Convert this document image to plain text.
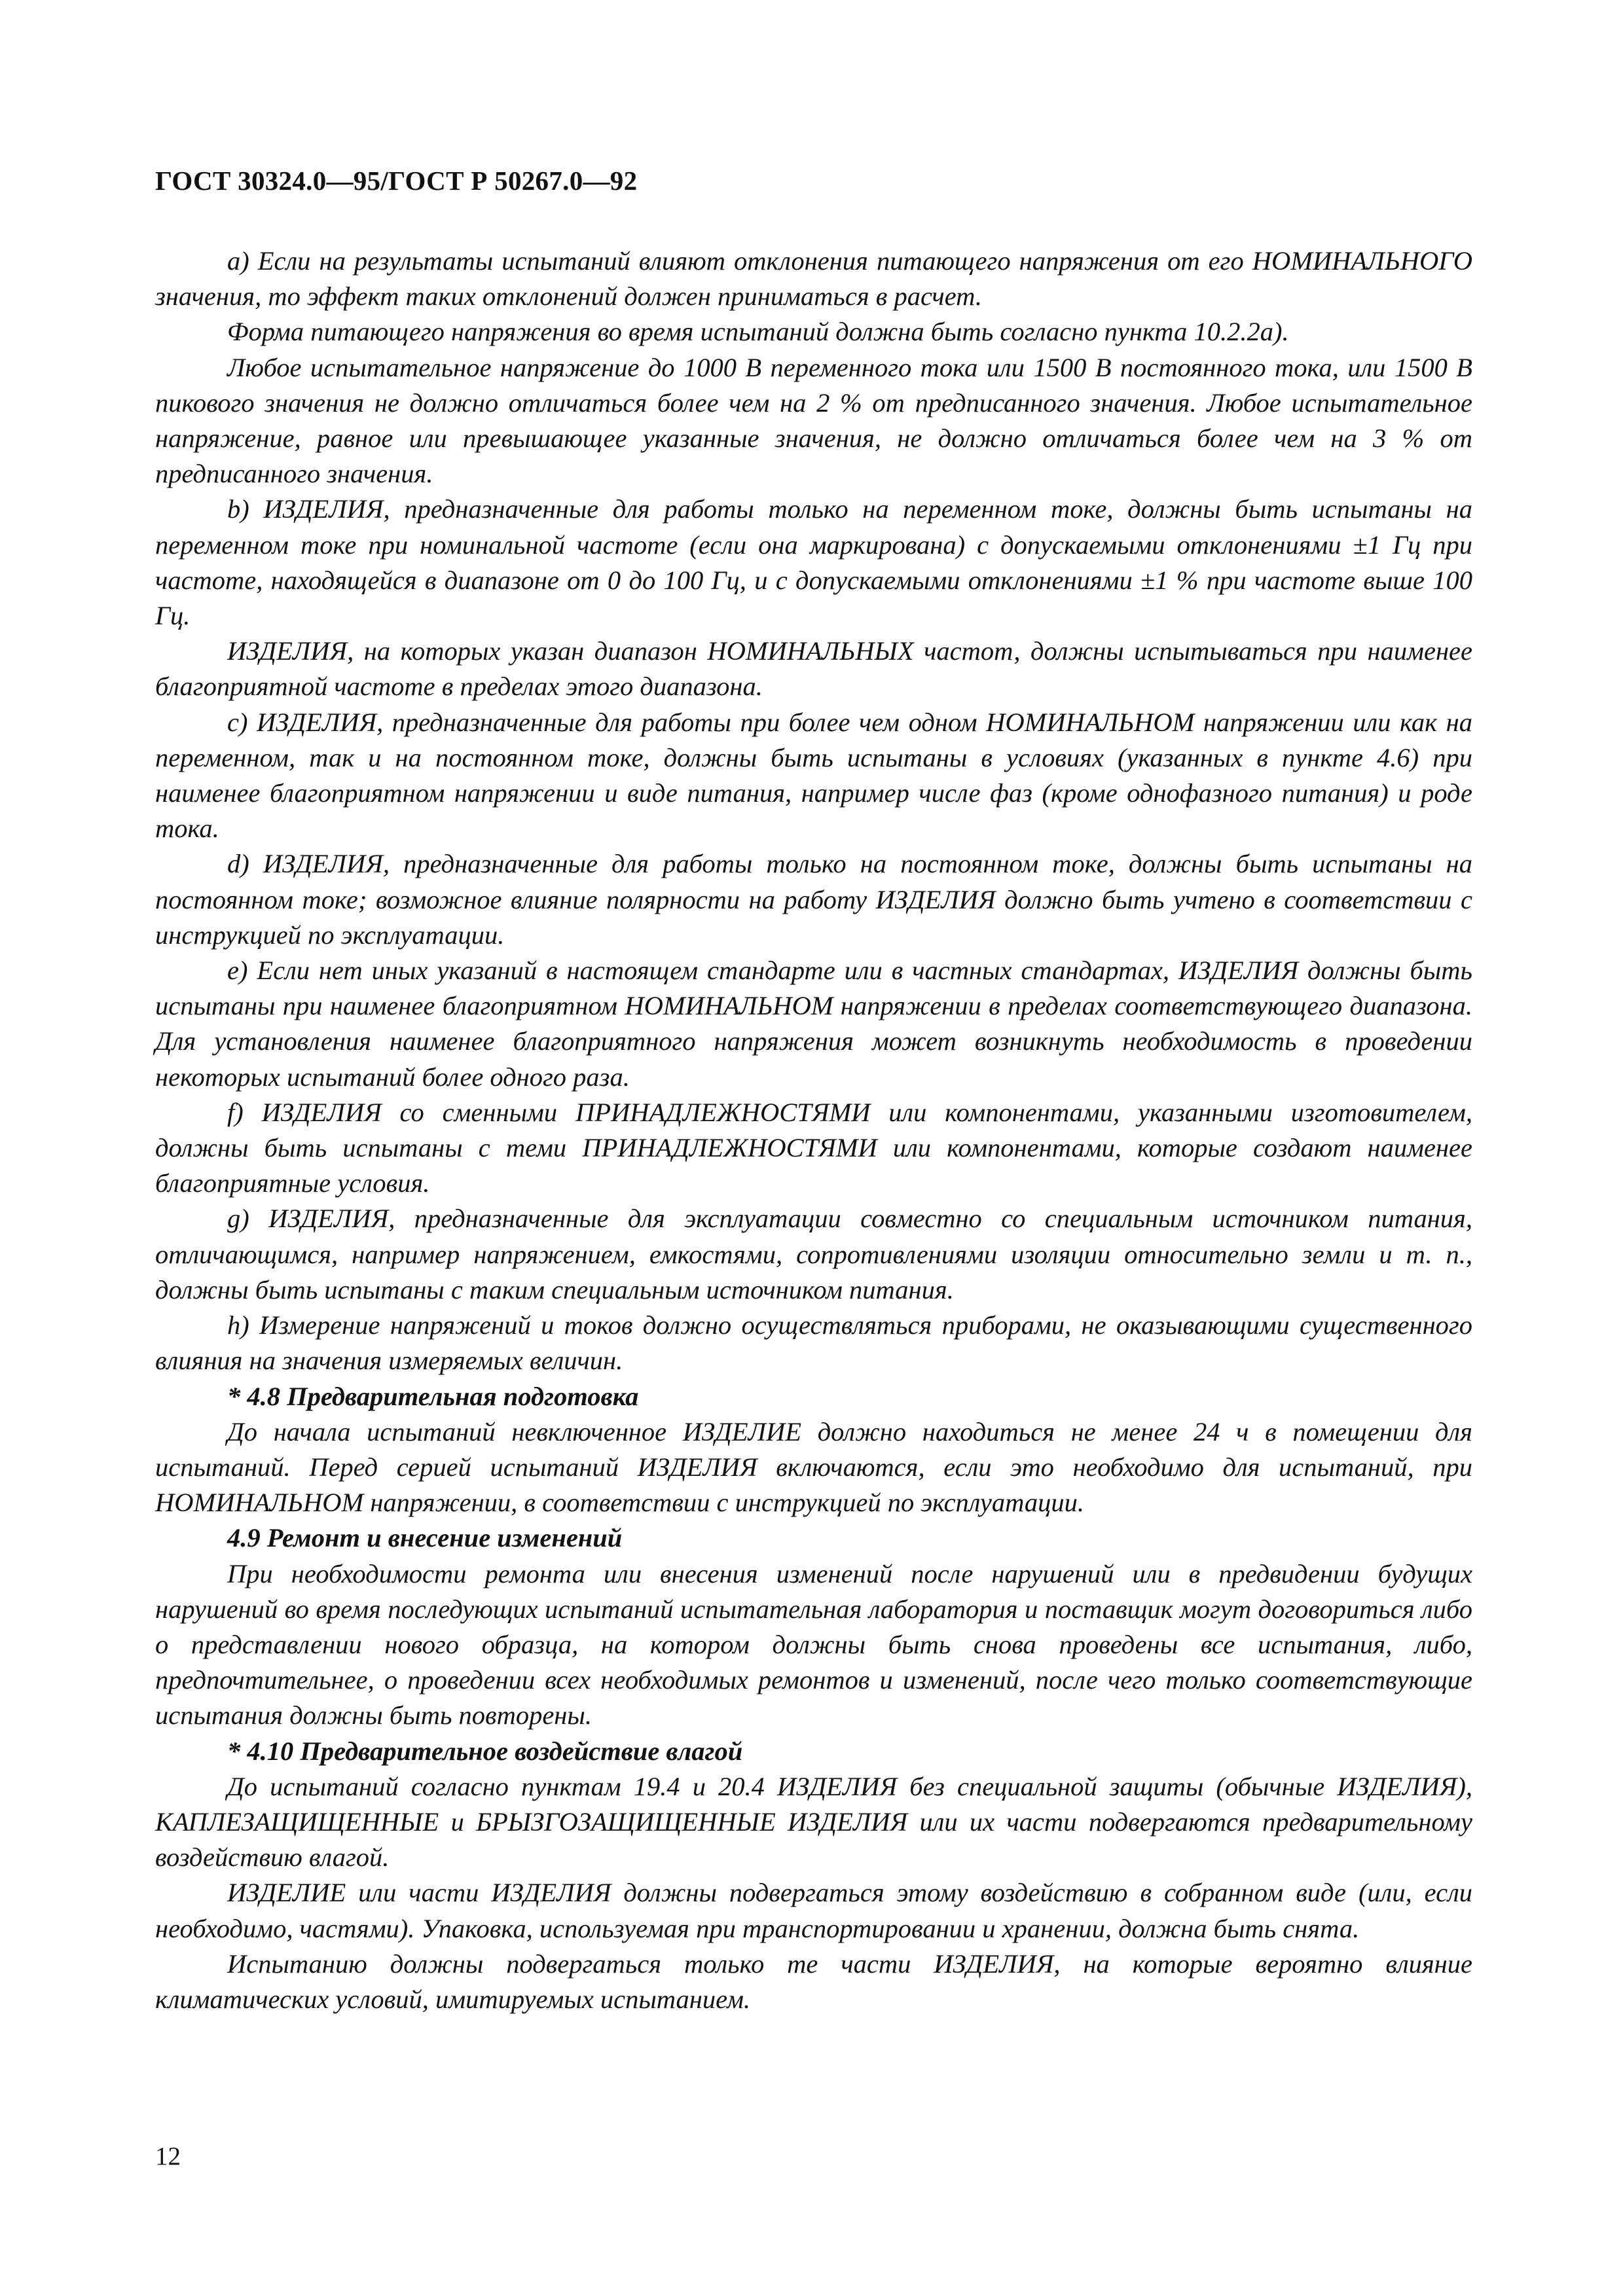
ГОСТ 30324.0—95/ГОСТ Р 50267.0—92

а) Если на результаты испытаний влияют отклонения питающего напряжения от его НОМИНАЛЬНОГО значения, то эффект таких отклонений должен приниматься в расчет.

Форма питающего напряжения во время испытаний должна быть согласно пункта 10.2.2а).

Любое испытательное напряжение до 1000 В переменного тока или 1500 В постоянного тока, или 1500 В пикового значения не должно отличаться более чем на 2 % от предписанного значения. Любое испытательное напряжение, равное или превышающее указанные значения, не должно отличаться более чем на 3 % от предписанного значения.

b) ИЗДЕЛИЯ, предназначенные для работы только на переменном токе, должны быть испытаны на переменном токе при номинальной частоте (если она маркирована) с допускаемыми отклонениями ±1 Гц при частоте, находящейся в диапазоне от 0 до 100 Гц, и с допускаемыми отклонениями ±1 % при частоте выше 100 Гц.

ИЗДЕЛИЯ, на которых указан диапазон НОМИНАЛЬНЫХ частот, должны испытываться при наименее благоприятной частоте в пределах этого диапазона.

c) ИЗДЕЛИЯ, предназначенные для работы при более чем одном НОМИНАЛЬНОМ напряжении или как на переменном, так и на постоянном токе, должны быть испытаны в условиях (указанных в пункте 4.6) при наименее благоприятном напряжении и виде питания, например числе фаз (кроме однофазного питания) и роде тока.

d) ИЗДЕЛИЯ, предназначенные для работы только на постоянном токе, должны быть испытаны на постоянном токе; возможное влияние полярности на работу ИЗДЕЛИЯ должно быть учтено в соответствии с инструкцией по эксплуатации.

e) Если нет иных указаний в настоящем стандарте или в частных стандартах, ИЗДЕЛИЯ должны быть испытаны при наименее благоприятном НОМИНАЛЬНОМ напряжении в пределах соответствующего диапазона. Для установления наименее благоприятного напряжения может возникнуть необходимость в проведении некоторых испытаний более одного раза.

f) ИЗДЕЛИЯ со сменными ПРИНАДЛЕЖНОСТЯМИ или компонентами, указанными изготовителем, должны быть испытаны с теми ПРИНАДЛЕЖНОСТЯМИ или компонентами, которые создают наименее благоприятные условия.

g) ИЗДЕЛИЯ, предназначенные для эксплуатации совместно со специальным источником питания, отличающимся, например напряжением, емкостями, сопротивлениями изоляции относительно земли и т. п., должны быть испытаны с таким специальным источником питания.

h) Измерение напряжений и токов должно осуществляться приборами, не оказывающими существенного влияния на значения измеряемых величин.

* 4.8 Предварительная подготовка

До начала испытаний невключенное ИЗДЕЛИЕ должно находиться не менее 24 ч в помещении для испытаний. Перед серией испытаний ИЗДЕЛИЯ включаются, если это необходимо для испытаний, при НОМИНАЛЬНОМ напряжении, в соответствии с инструкцией по эксплуатации.

4.9 Ремонт и внесение изменений

При необходимости ремонта или внесения изменений после нарушений или в предвидении будущих нарушений во время последующих испытаний испытательная лаборатория и поставщик могут договориться либо о представлении нового образца, на котором должны быть снова проведены все испытания, либо, предпочтительнее, о проведении всех необходимых ремонтов и изменений, после чего только соответствующие испытания должны быть повторены.

* 4.10 Предварительное воздействие влагой

До испытаний согласно пунктам 19.4 и 20.4 ИЗДЕЛИЯ без специальной защиты (обычные ИЗДЕЛИЯ), КАПЛЕЗАЩИЩЕННЫЕ и БРЫЗГОЗАЩИЩЕННЫЕ ИЗДЕЛИЯ или их части подвергаются предварительному воздействию влагой.

ИЗДЕЛИЕ или части ИЗДЕЛИЯ должны подвергаться этому воздействию в собранном виде (или, если необходимо, частями). Упаковка, используемая при транспортировании и хранении, должна быть снята.

Испытанию должны подвергаться только те части ИЗДЕЛИЯ, на которые вероятно влияние климатических условий, имитируемых испытанием.

12
